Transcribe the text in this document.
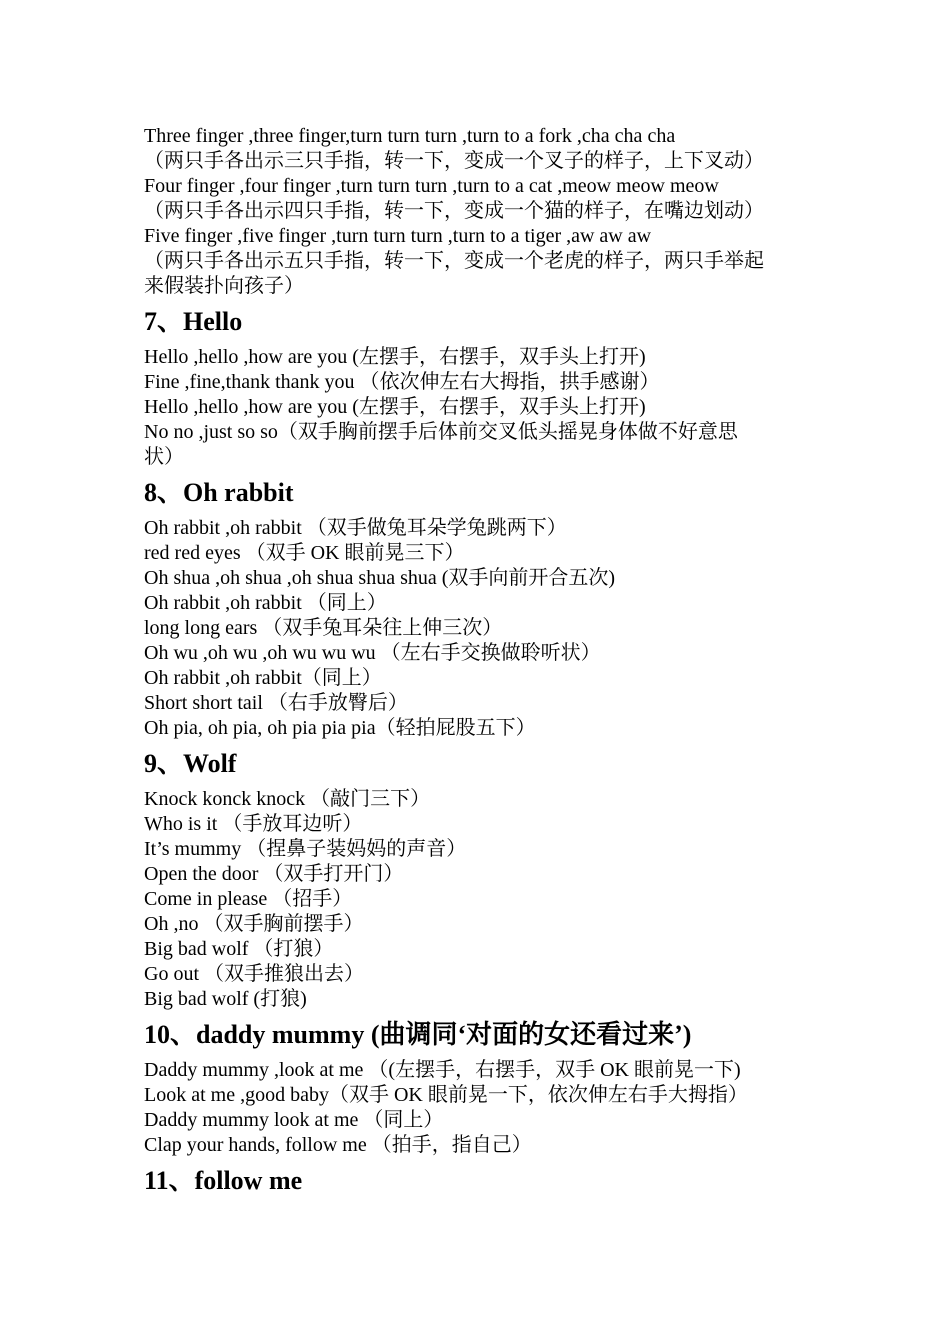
Three finger ,three finger,turn turn turn ,turn to a fork ,cha cha cha
（两只手各出示三只手指，转一下，变成一个叉子的样子，上下叉动）
Four finger ,four finger ,turn turn turn ,turn to a cat ,meow meow meow
（两只手各出示四只手指，转一下，变成一个猫的样子，在嘴边划动）
Five finger ,five finger ,turn turn turn ,turn to a tiger ,aw aw aw
（两只手各出示五只手指，转一下，变成一个老虎的样子，两只手举起
来假装扑向孩子）
7、Hello
Hello ,hello ,how are you (左摆手，右摆手，双手头上打开)
Fine ,fine,thank thank you （依次伸左右大拇指，拱手感谢）
Hello ,hello ,how are you (左摆手，右摆手，双手头上打开)
No no ,just so so（双手胸前摆手后体前交叉低头摇晃身体做不好意思
状）
8、Oh rabbit
Oh rabbit ,oh rabbit （双手做兔耳朵学兔跳两下）
red red eyes （双手 OK 眼前晃三下）
Oh shua ,oh shua ,oh shua shua shua (双手向前开合五次)
Oh rabbit ,oh rabbit （同上）
long long ears （双手兔耳朵往上伸三次）
Oh wu ,oh wu ,oh wu wu wu （左右手交换做聆听状）
Oh rabbit ,oh rabbit（同上）
Short short tail （右手放臀后）
Oh pia, oh pia, oh pia pia pia（轻拍屁股五下）
9、Wolf
Knock konck knock （敲门三下）
Who is it （手放耳边听）
It’s mummy （捏鼻子装妈妈的声音）
Open the door （双手打开门）
Come in please （招手）
Oh ,no （双手胸前摆手）
Big bad wolf （打狼）
Go out （双手推狼出去）
Big bad wolf (打狼)
10、daddy mummy (曲调同‘对面的女还看过来’)
Daddy mummy ,look at me （(左摆手，右摆手，双手 OK 眼前晃一下)
Look at me ,good baby（双手 OK 眼前晃一下，依次伸左右手大拇指）
Daddy mummy look at me （同上）
Clap your hands, follow me （拍手，指自己）
11、follow me
